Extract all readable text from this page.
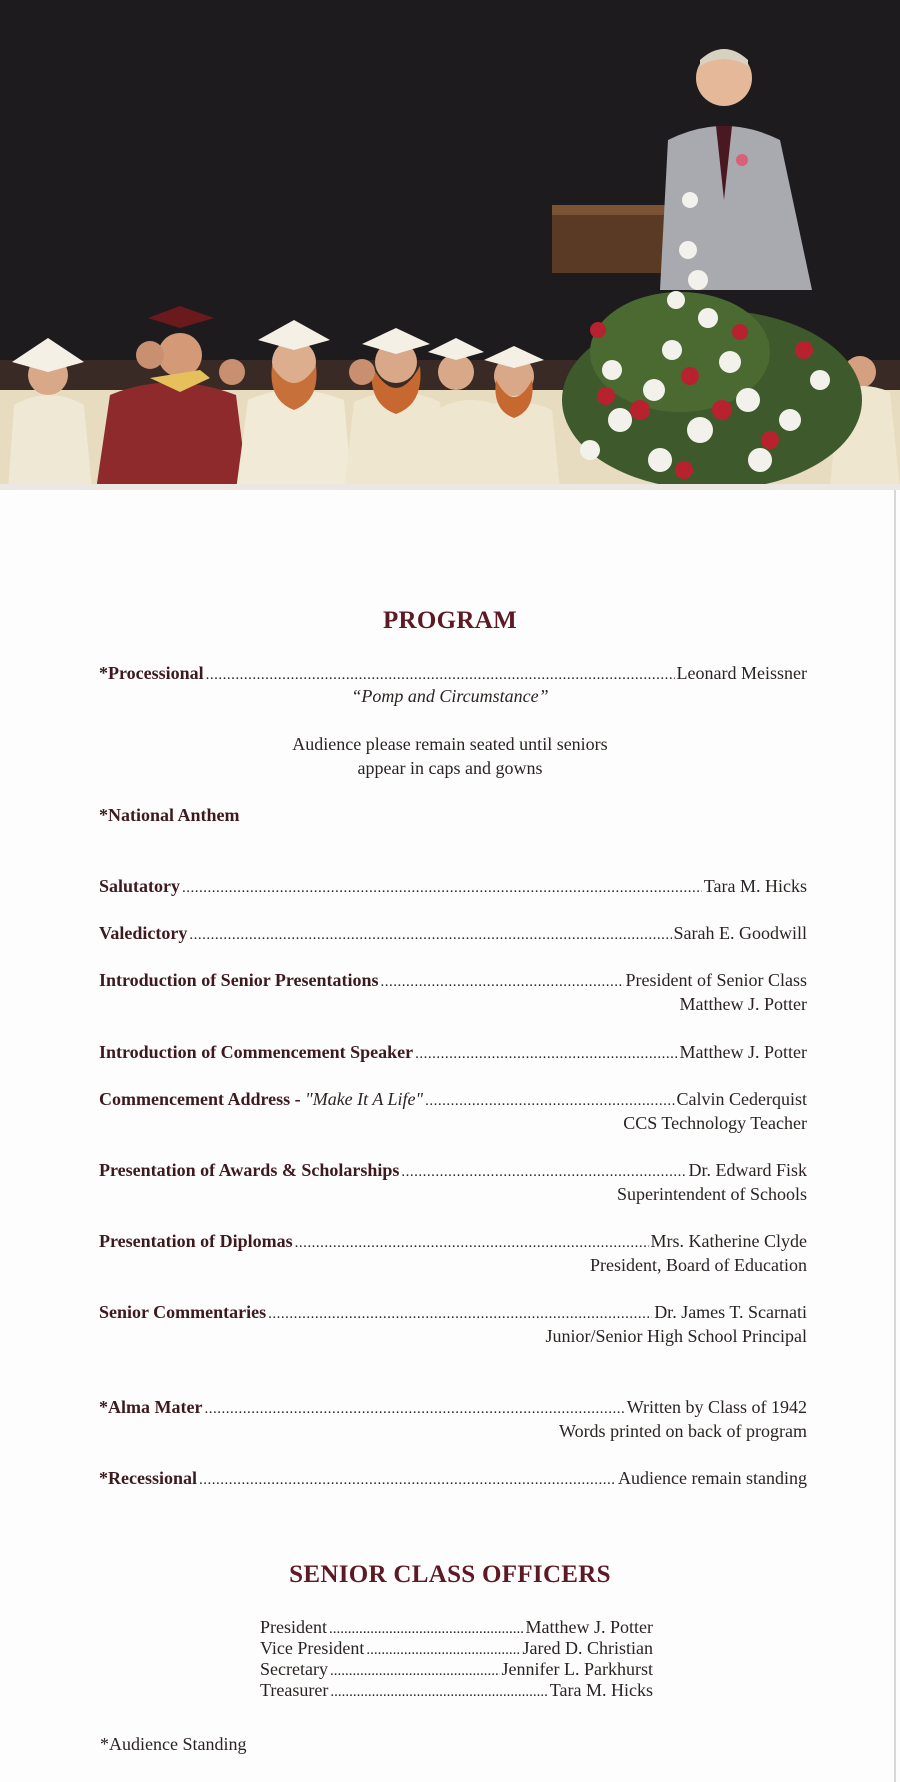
PROGRAM
*Processional .....	Leonard Meissner
“Pomp and Circumstance”
Audience please remain seated until seniors
appear in caps and gowns
*National Anthem
Salutatory .....	Tara M. Hicks
Valedictory .....	Sarah E. Goodwill
Introduction of Senior Presentations .....	President of Senior Class
Matthew J. Potter
Introduction of Commencement Speaker .....	Matthew J. Potter
Commencement Address - "Make It A Life" .....	Calvin Cederquist
CCS Technology Teacher
Presentation of Awards & Scholarships .....	Dr. Edward Fisk
Superintendent of Schools
Presentation of Diplomas .....	Mrs. Katherine Clyde
President, Board of Education
Senior Commentaries .....	Dr. James T. Scarnati
Junior/Senior High School Principal
*Alma Mater .....	Written by Class of 1942
Words printed on back of program
*Recessional .....	Audience remain standing
SENIOR CLASS OFFICERS
President .....	Matthew J. Potter
Vice President .....	Jared D. Christian
Secretary .....	Jennifer L. Parkhurst
Treasurer .....	Tara M. Hicks
*Audience Standing
